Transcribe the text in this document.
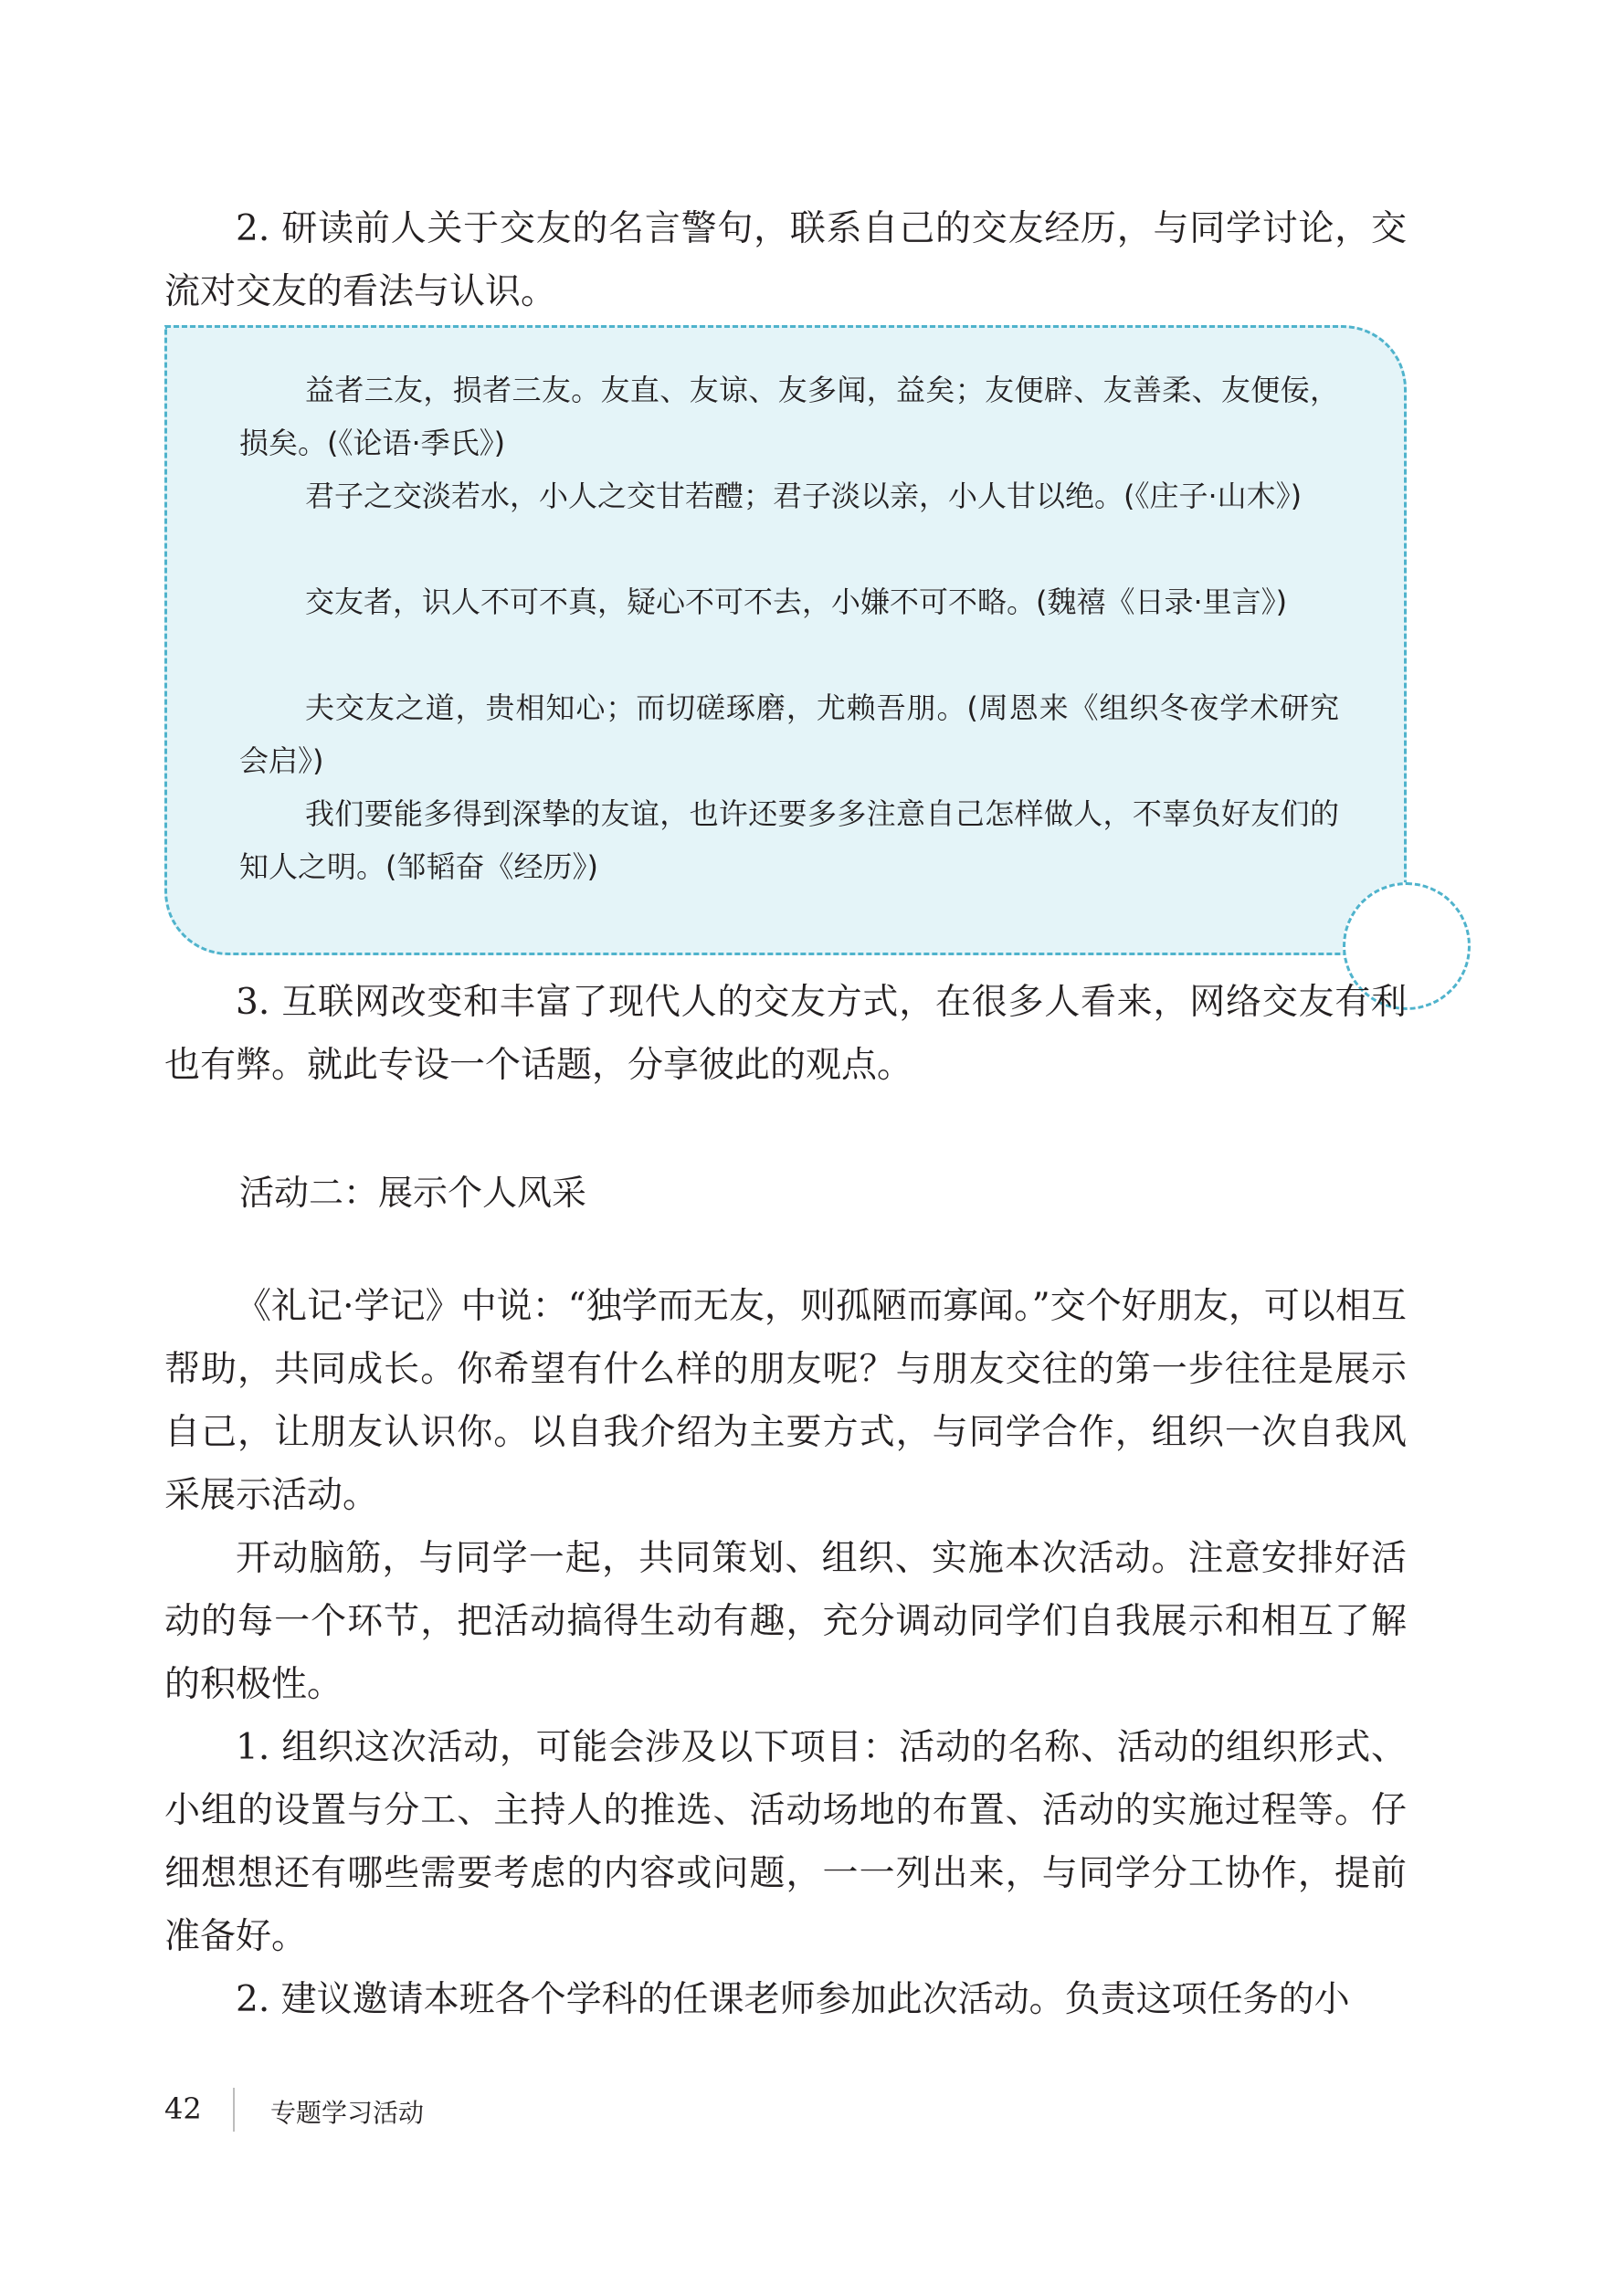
2. 研读前人关于交友的名言警句，联系自己的交友经历，与同学讨论，交流对交友的看法与认识。

益者三友，损者三友。友直、友谅、友多闻，益矣；友便辟、友善柔、友便佞，损矣。(《论语·季氏》)

君子之交淡若水，小人之交甘若醴；君子淡以亲，小人甘以绝。(《庄子·山木》)

交友者，识人不可不真，疑心不可不去，小嫌不可不略。(魏禧《日录·里言》)

夫交友之道，贵相知心；而切磋琢磨，尤赖吾朋。(周恩来《组织冬夜学术研究会启》)

我们要能多得到深挚的友谊，也许还要多多注意自己怎样做人，不辜负好友们的知人之明。(邹韬奋《经历》)

3. 互联网改变和丰富了现代人的交友方式，在很多人看来，网络交友有利也有弊。就此专设一个话题，分享彼此的观点。

活动二：展示个人风采

《礼记·学记》中说：“独学而无友，则孤陋而寡闻。”交个好朋友，可以相互帮助，共同成长。你希望有什么样的朋友呢？与朋友交往的第一步往往是展示自己，让朋友认识你。以自我介绍为主要方式，与同学合作，组织一次自我风采展示活动。

开动脑筋，与同学一起，共同策划、组织、实施本次活动。注意安排好活动的每一个环节，把活动搞得生动有趣，充分调动同学们自我展示和相互了解的积极性。

1. 组织这次活动，可能会涉及以下项目：活动的名称、活动的组织形式、小组的设置与分工、主持人的推选、活动场地的布置、活动的实施过程等。仔细想想还有哪些需要考虑的内容或问题，一一列出来，与同学分工协作，提前准备好。

2. 建议邀请本班各个学科的任课老师参加此次活动。负责这项任务的小

42	专题学习活动
